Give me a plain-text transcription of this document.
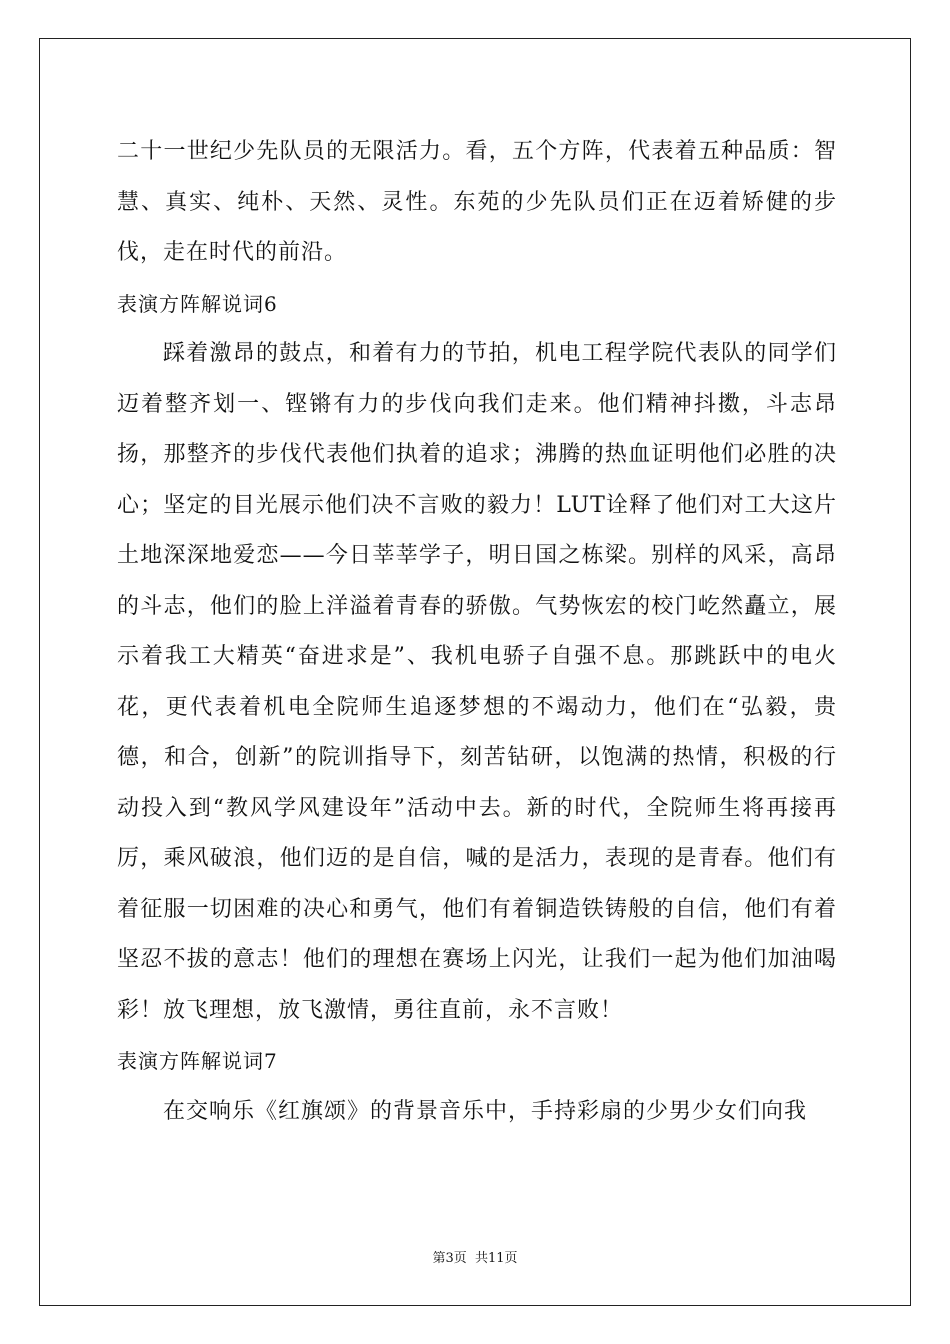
二十一世纪少先队员的无限活力。看，五个方阵，代表着五种品质：智慧、真实、纯朴、天然、灵性。东苑的少先队员们正在迈着矫健的步伐，走在时代的前沿。

表演方阵解说词6

踩着激昂的鼓点，和着有力的节拍，机电工程学院代表队的同学们迈着整齐划一、铿锵有力的步伐向我们走来。他们精神抖擞，斗志昂扬，那整齐的步伐代表他们执着的追求；沸腾的热血证明他们必胜的决心；坚定的目光展示他们决不言败的毅力！LUT诠释了他们对工大这片土地深深地爱恋——今日莘莘学子，明日国之栋梁。别样的风采，高昂的斗志，他们的脸上洋溢着青春的骄傲。气势恢宏的校门屹然矗立，展示着我工大精英“奋进求是”、我机电骄子自强不息。那跳跃中的电火花，更代表着机电全院师生追逐梦想的不竭动力，他们在“弘毅，贵德，和合，创新”的院训指导下，刻苦钻研，以饱满的热情，积极的行动投入到“教风学风建设年”活动中去。新的时代，全院师生将再接再厉，乘风破浪，他们迈的是自信，喊的是活力，表现的是青春。他们有着征服一切困难的决心和勇气，他们有着铜造铁铸般的自信，他们有着坚忍不拔的意志！他们的理想在赛场上闪光，让我们一起为他们加油喝彩！放飞理想，放飞激情，勇往直前，永不言败！

表演方阵解说词7

在交响乐《红旗颂》的背景音乐中，手持彩扇的少男少女们向我

第3页 共11页
